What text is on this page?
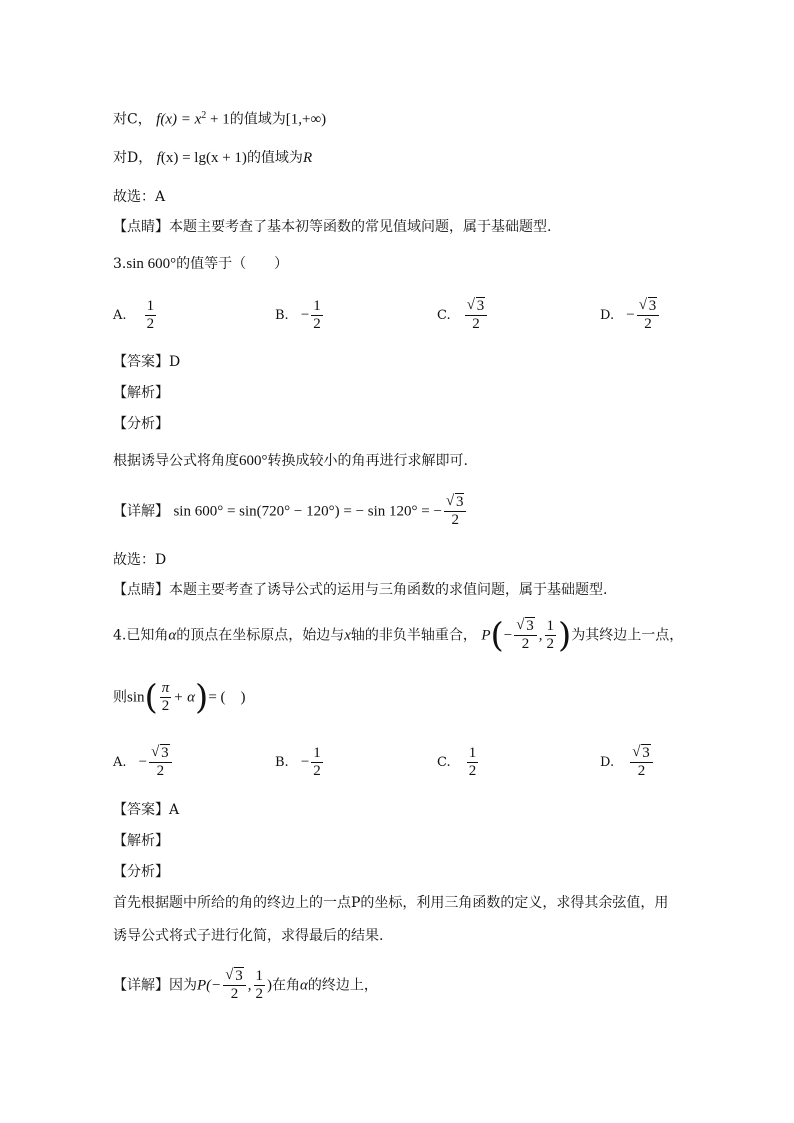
对C， $f(x) = x^2 + 1$的值域为[1,+∞)
对D， f(x) = lg(x + 1)的值域为R
故选：A
【点睛】本题主要考查了基本初等函数的常见值域问题，属于基础题型.
3.sin 600°的值等于（　　）
A. $\frac{1}{2}$	B. − $\frac{1}{2}$	C. √ $\frac{3}{2}$	D. − √ $\frac{3}{2}$
【答案】D
【解析】
【分析】
根据诱导公式将角度600°转换成较小的角再进行求解即可.
【详解】 sin 600° = sin(720° − 120°) = − sin 120° = − √ $\frac{3}{2}$
故选：D
【点睛】本题主要考查了诱导公式的运用与三角函数的求值问题，属于基础题型.
4.已知角α的顶点在坐标原点，始边与x轴的非负半轴重合， P(− √ $\frac{3}{2}$ , $\frac{1}{2}$ )为其终边上一点，
则$\sin( \frac{\pi}{2} + \alpha)=$ (　)
A. − √ $\frac{3}{2}$	B. − $\frac{1}{2}$	C. $\frac{1}{2}$	D. √ $\frac{3}{2}$
【答案】A
【解析】
【分析】
首先根据题中所给的角的终边上的一点P的坐标，利用三角函数的定义，求得其余弦值，用
诱导公式将式子进行化简，求得最后的结果.
【详解】因为P(− √ $\frac{3}{2}$ , $\frac{1}{2}$ )在角α的终边上，
